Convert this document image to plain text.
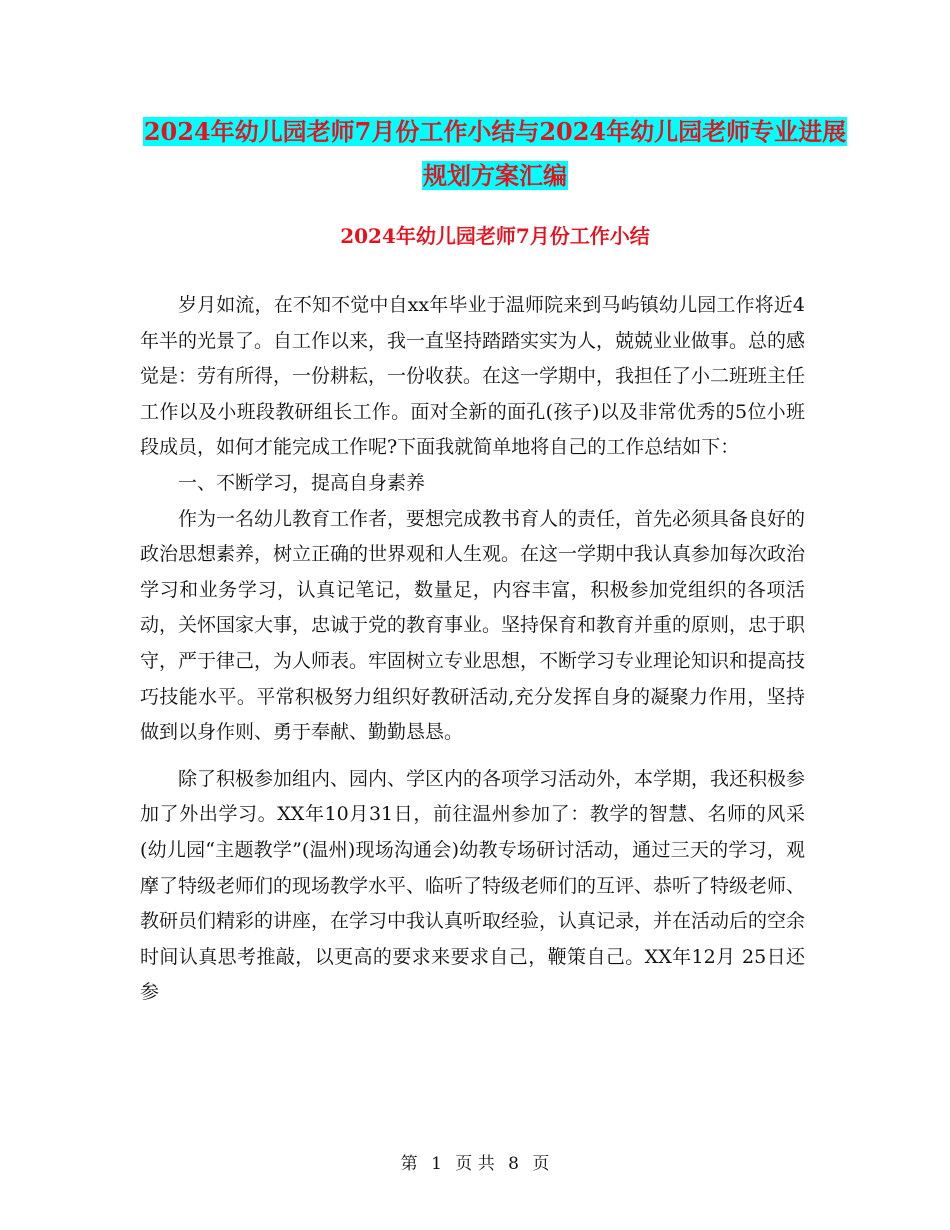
2024年幼儿园老师7月份工作小结与2024年幼儿园老师专业进展规划方案汇编
2024年幼儿园老师7月份工作小结

岁月如流，在不知不觉中自xx年毕业于温师院来到马屿镇幼儿园工作将近4年半的光景了。自工作以来，我一直坚持踏踏实实为人，兢兢业业做事。总的感觉是：劳有所得，一份耕耘，一份收获。在这一学期中，我担任了小二班班主任工作以及小班段教研组长工作。面对全新的面孔(孩子)以及非常优秀的5位小班段成员，如何才能完成工作呢?下面我就简单地将自己的工作总结如下：

一、不断学习，提高自身素养

作为一名幼儿教育工作者，要想完成教书育人的责任，首先必须具备良好的政治思想素养，树立正确的世界观和人生观。在这一学期中我认真参加每次政治学习和业务学习，认真记笔记，数量足，内容丰富，积极参加党组织的各项活动，关怀国家大事，忠诚于党的教育事业。坚持保育和教育并重的原则，忠于职守，严于律己，为人师表。牢固树立专业思想，不断学习专业理论知识和提高技巧技能水平。平常积极努力组织好教研活动,充分发挥自身的凝聚力作用，坚持做到以身作则、勇于奉献、勤勤恳恳。

除了积极参加组内、园内、学区内的各项学习活动外，本学期，我还积极参加了外出学习。XX年10月31日，前往温州参加了：教学的智慧、名师的风采 (幼儿园“主题教学”(温州)现场沟通会)幼教专场研讨活动，通过三天的学习，观摩了特级老师们的现场教学水平、临听了特级老师们的互评、恭听了特级老师、教研员们精彩的讲座，在学习中我认真听取经验，认真记录，并在活动后的空余时间认真思考推敲，以更高的要求来要求自己，鞭策自己。XX年12月 25日还参

第 1 页 共 8 页
